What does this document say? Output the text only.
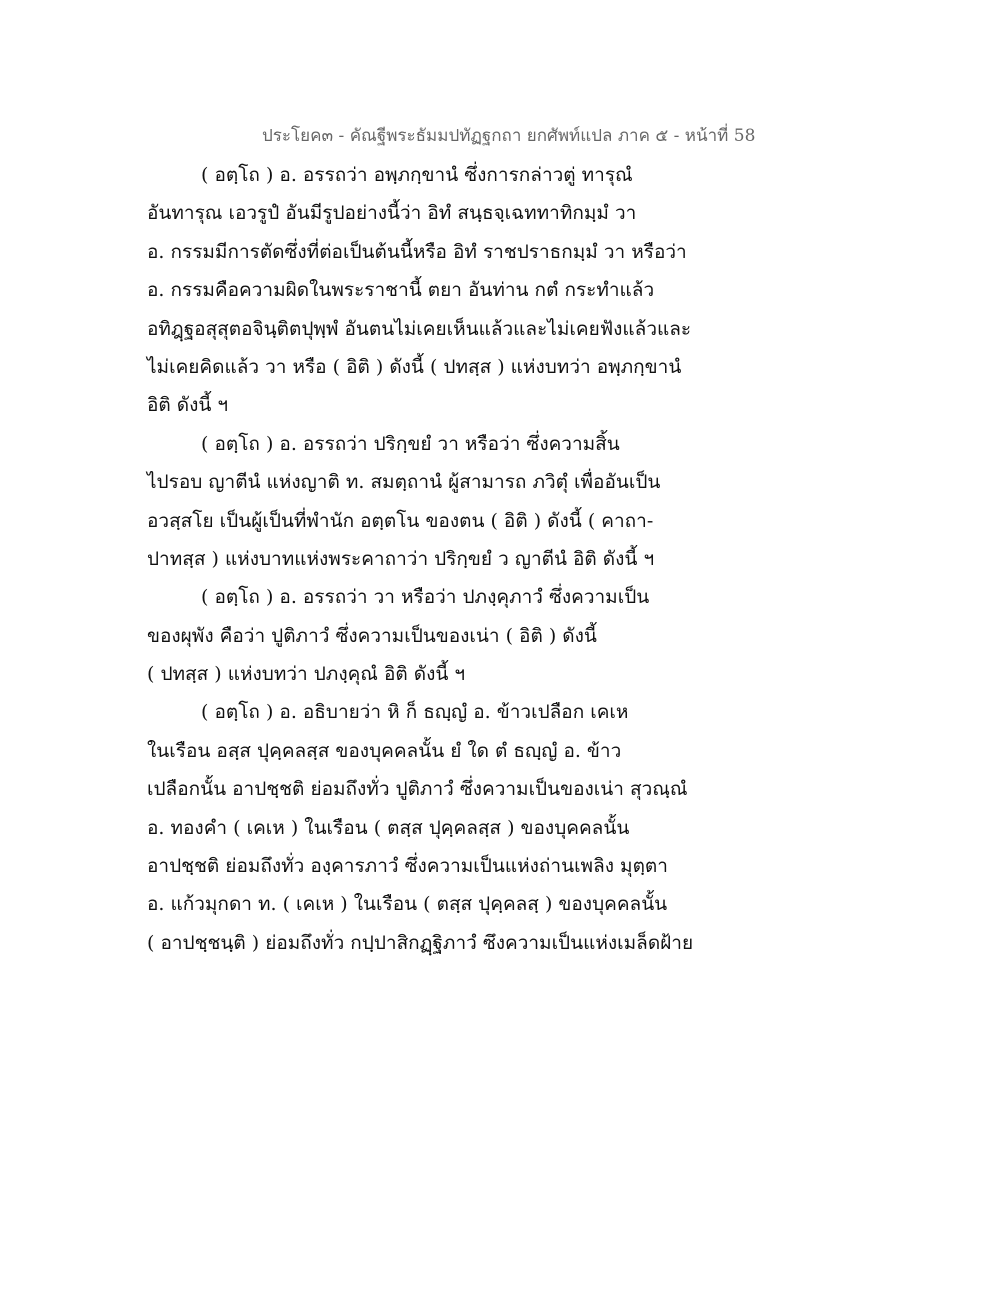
ประโยค๓ - คัณฐีพระธัมมปทัฏฐกถา ยกศัพท์แปล ภาค ๕ - หน้าที่ 58
( อตฺโถ ) อ. อรรถว่า อพฺภกฺขานํ ซึ่งการกล่าวตู่ ทารุณํ
อันทารุณ เอวรูปํ อันมีรูปอย่างนี้ว่า อิทํ สนฺธจฺเฉททาทิกมฺมํ วา
อ. กรรมมีการตัดซึ่งที่ต่อเป็นต้นนี้หรือ อิทํ ราชปราธกมฺมํ วา หรือว่า
อ. กรรมคือความผิดในพระราชานี้ ตยา อันท่าน กตํ กระทำแล้ว
อทิฎฺฐอสุสุตอจินฺติตปุพฺพํ อันตนไม่เคยเห็นแล้วและไม่เคยฟังแล้วและ
ไม่เคยคิดแล้ว วา หรือ ( อิติ ) ดังนี้ ( ปทสฺส ) แห่งบทว่า อพฺภกฺขานํ
อิติ ดังนี้ ฯ
( อตฺโถ ) อ. อรรถว่า ปริกฺขยํ วา หรือว่า ซึ่งความสิ้น
ไปรอบ ญาตีนํ แห่งญาติ ท. สมตฺถานํ ผู้สามารถ ภวิตุํ เพื่ออันเป็น
อวสฺสโย เป็นผู้เป็นที่พำนัก อตฺตโน ของตน ( อิติ ) ดังนี้ ( คาถา-
ปาทสฺส ) แห่งบาทแห่งพระคาถาว่า ปริกฺขยํ ว ญาตีนํ อิติ ดังนี้ ฯ
( อตฺโถ ) อ. อรรถว่า วา หรือว่า ปภงฺคุภาวํ ซึ่งความเป็น
ของผุพัง คือว่า ปูติภาวํ ซึ่งความเป็นของเน่า ( อิติ ) ดังนี้
( ปทสฺส ) แห่งบทว่า ปภงฺคุณํ อิติ ดังนี้ ฯ
( อตฺโถ ) อ. อธิบายว่า หิ ก็ ธญฺญํ อ. ข้าวเปลือก เคเห
ในเรือน อสฺส ปุคฺคลสฺส ของบุคคลนั้น ยํ ใด ตํ ธญฺญํ อ. ข้าว
เปลือกนั้น อาปชฺชติ ย่อมถึงทั่ว ปูติภาวํ ซึ่งความเป็นของเน่า สุวณฺณํ
อ. ทองคำ ( เคเห ) ในเรือน ( ตสฺส ปุคฺคลสฺส ) ของบุคคลนั้น
อาปชฺชติ ย่อมถึงทั่ว องฺคารภาวํ ซึ่งความเป็นแห่งถ่านเพลิง มุตฺตา
อ. แก้วมุกดา ท. ( เคเห ) ในเรือน ( ตสฺส ปุคฺคลสฺ ) ของบุคคลนั้น
( อาปชฺชนฺติ ) ย่อมถึงทั่ว กปฺปาสิกฏฺฐิภาวํ ซึงความเป็นแห่งเมล็ดฝ้าย
